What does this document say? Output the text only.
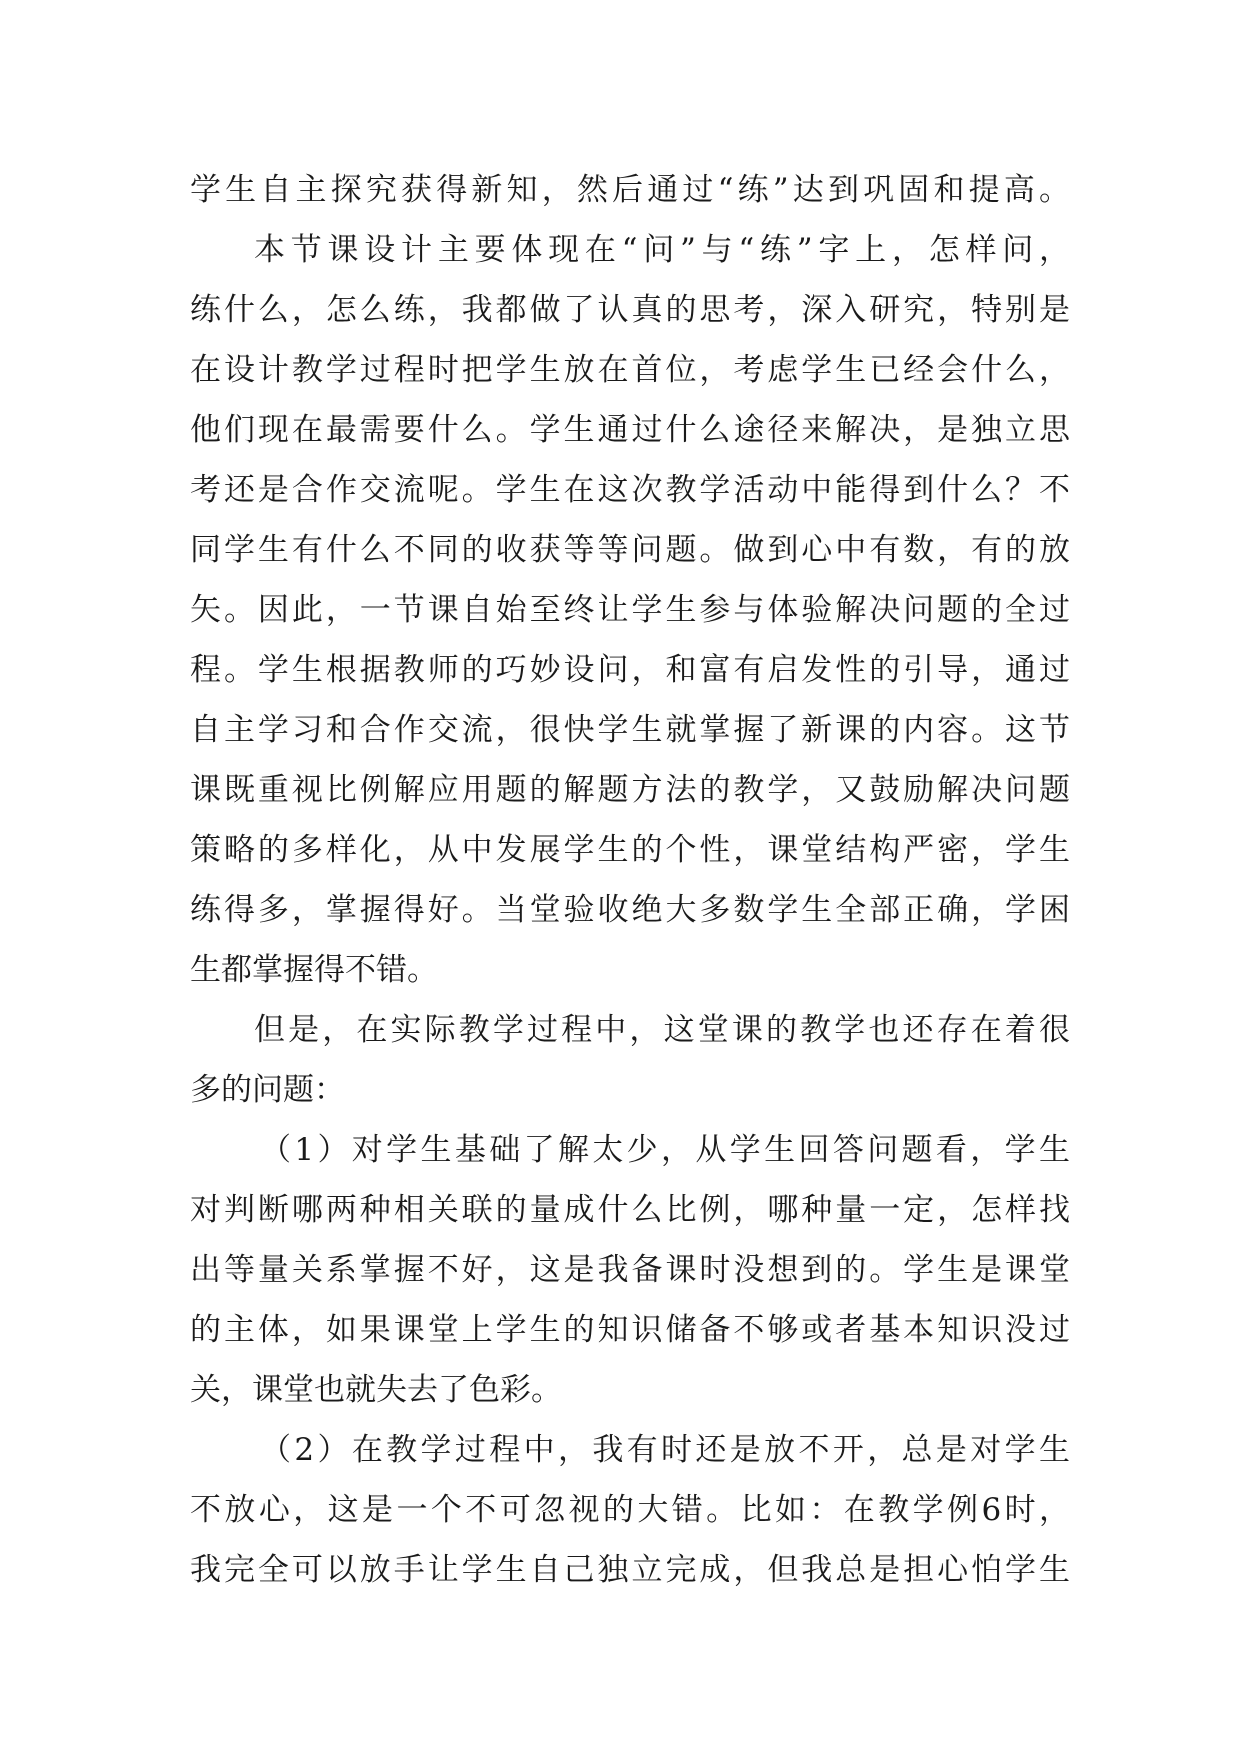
学生自主探究获得新知，然后通过“练”达到巩固和提高。
本节课设计主要体现在“问”与“练”字上，怎样问，
练什么，怎么练，我都做了认真的思考，深入研究，特别是
在设计教学过程时把学生放在首位，考虑学生已经会什么，
他们现在最需要什么。学生通过什么途径来解决，是独立思
考还是合作交流呢。学生在这次教学活动中能得到什么？不
同学生有什么不同的收获等等问题。做到心中有数，有的放
矢。因此，一节课自始至终让学生参与体验解决问题的全过
程。学生根据教师的巧妙设问，和富有启发性的引导，通过
自主学习和合作交流，很快学生就掌握了新课的内容。这节
课既重视比例解应用题的解题方法的教学，又鼓励解决问题
策略的多样化，从中发展学生的个性，课堂结构严密，学生
练得多，掌握得好。当堂验收绝大多数学生全部正确，学困
生都掌握得不错。
但是，在实际教学过程中，这堂课的教学也还存在着很
多的问题：
（1）对学生基础了解太少，从学生回答问题看，学生
对判断哪两种相关联的量成什么比例，哪种量一定，怎样找
出等量关系掌握不好，这是我备课时没想到的。学生是课堂
的主体，如果课堂上学生的知识储备不够或者基本知识没过
关，课堂也就失去了色彩。
（2）在教学过程中，我有时还是放不开，总是对学生
不放心，这是一个不可忽视的大错。比如：在教学例6时，
我完全可以放手让学生自己独立完成，但我总是担心怕学生
